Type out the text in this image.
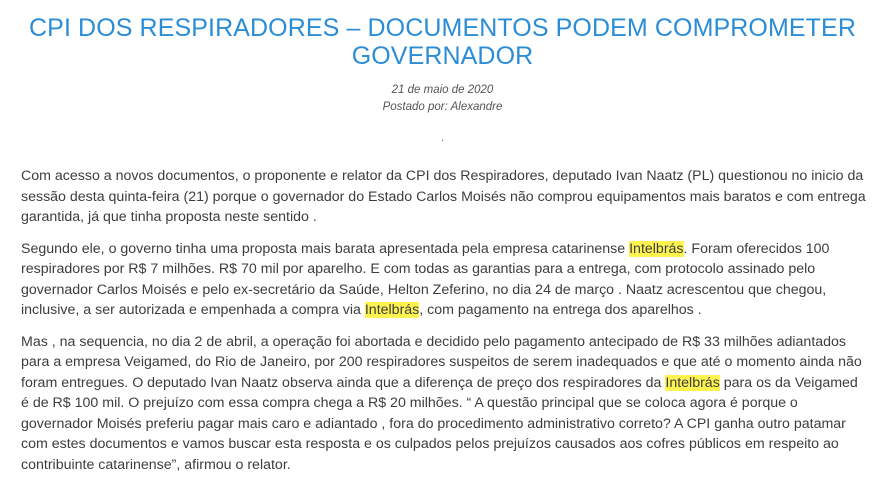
CPI DOS RESPIRADORES – DOCUMENTOS PODEM COMPROMETER GOVERNADOR
21 de maio de 2020
Postado por: Alexandre
.

Com acesso a novos documentos, o proponente e relator da CPI dos Respiradores, deputado Ivan Naatz (PL) questionou no inicio da sessão desta quinta-feira (21) porque o governador do Estado Carlos Moisés não comprou equipamentos mais baratos e com entrega garantida, já que tinha proposta neste sentido .

Segundo ele, o governo tinha uma proposta mais barata apresentada pela empresa catarinense Intelbrás. Foram oferecidos 100 respiradores por R$ 7 milhões. R$ 70 mil por aparelho. E com todas as garantias para a entrega, com protocolo assinado pelo governador Carlos Moisés e pelo ex-secretário da Saúde, Helton Zeferino, no dia 24 de março . Naatz acrescentou que chegou, inclusive, a ser autorizada e empenhada a compra via Intelbrás, com pagamento na entrega dos aparelhos .

Mas , na sequencia, no dia 2 de abril, a operação foi abortada e decidido pelo pagamento antecipado de R$ 33 milhões adiantados para a empresa Veigamed, do Rio de Janeiro, por 200 respiradores suspeitos de serem inadequados e que até o momento ainda não foram entregues. O deputado Ivan Naatz observa ainda que a diferença de preço dos respiradores da Intelbrás para os da Veigamed é de R$ 100 mil. O prejuízo com essa compra chega a R$ 20 milhões. “ A questão principal que se coloca agora é porque o governador Moisés preferiu pagar mais caro e adiantado , fora do procedimento administrativo correto? A CPI ganha outro patamar com estes documentos e vamos buscar esta resposta e os culpados pelos prejuízos causados aos cofres públicos em respeito ao contribuinte catarinense”, afirmou o relator.
